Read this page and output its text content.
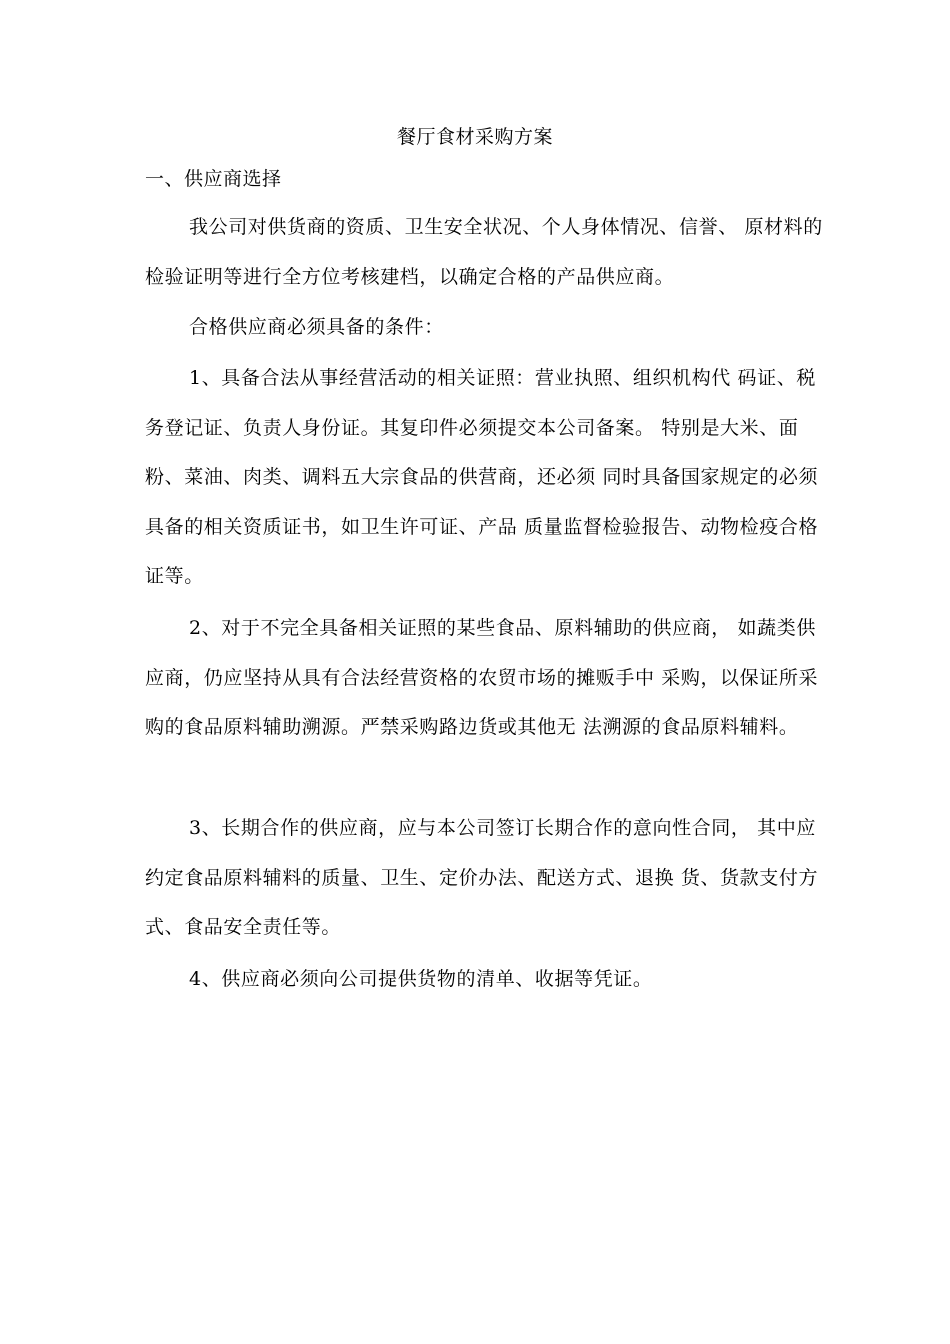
餐厅食材采购方案
一、供应商选择
我公司对供货商的资质、卫生安全状况、个人身体情况、信誉、 原材料的检验证明等进行全方位考核建档，以确定合格的产品供应商。
合格供应商必须具备的条件：
1、具备合法从事经营活动的相关证照：营业执照、组织机构代 码证、税务登记证、负责人身份证。其复印件必须提交本公司备案。 特别是大米、面粉、菜油、肉类、调料五大宗食品的供营商，还必须 同时具备国家规定的必须具备的相关资质证书，如卫生许可证、产品 质量监督检验报告、动物检疫合格证等。
2、对于不完全具备相关证照的某些食品、原料辅助的供应商， 如蔬类供应商，仍应坚持从具有合法经营资格的农贸市场的摊贩手中 采购，以保证所采购的食品原料辅助溯源。严禁采购路边货或其他无 法溯源的食品原料辅料。
3、长期合作的供应商，应与本公司签订长期合作的意向性合同， 其中应约定食品原料辅料的质量、卫生、定价办法、配送方式、退换 货、货款支付方式、食品安全责任等。
4、供应商必须向公司提供货物的清单、收据等凭证。
